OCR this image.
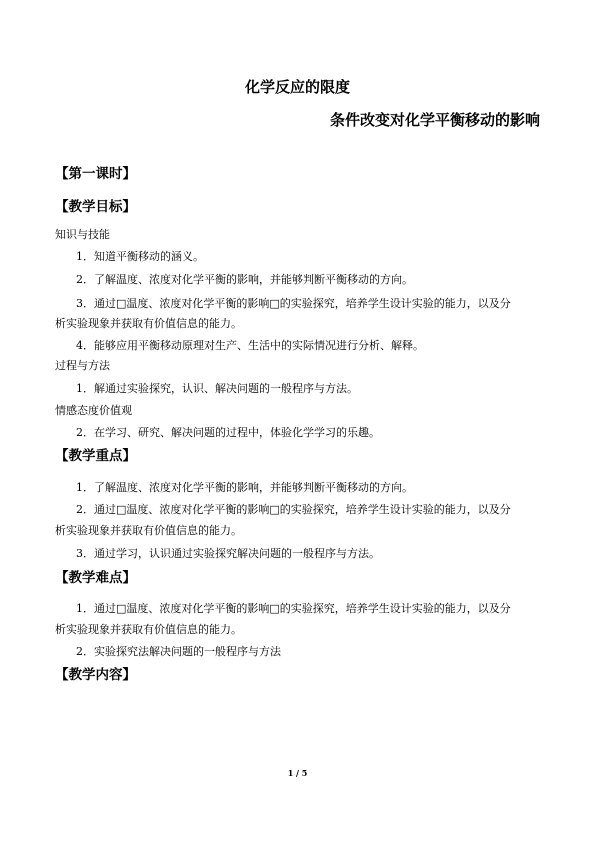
化学反应的限度
条件改变对化学平衡移动的影响
【第一课时】
【教学目标】
知识与技能
1．知道平衡移动的涵义。
2．了解温度、浓度对化学平衡的影响，并能够判断平衡移动的方向。
3．通过□温度、浓度对化学平衡的影响□的实验探究，培养学生设计实验的能力，以及分
析实验现象并获取有价值信息的能力。
4．能够应用平衡移动原理对生产、生活中的实际情况进行分析、解释。
过程与方法
1．解通过实验探究，认识、解决问题的一般程序与方法。
情感态度价值观
2．在学习、研究、解决问题的过程中，体验化学学习的乐趣。
【教学重点】
1．了解温度、浓度对化学平衡的影响，并能够判断平衡移动的方向。
2．通过□温度、浓度对化学平衡的影响□的实验探究，培养学生设计实验的能力，以及分
析实验现象并获取有价值信息的能力。
3．通过学习，认识通过实验探究解决问题的一般程序与方法。
【教学难点】
1．通过□温度、浓度对化学平衡的影响□的实验探究，培养学生设计实验的能力，以及分
析实验现象并获取有价值信息的能力。
2．实验探究法解决问题的一般程序与方法
【教学内容】
1 / 5
